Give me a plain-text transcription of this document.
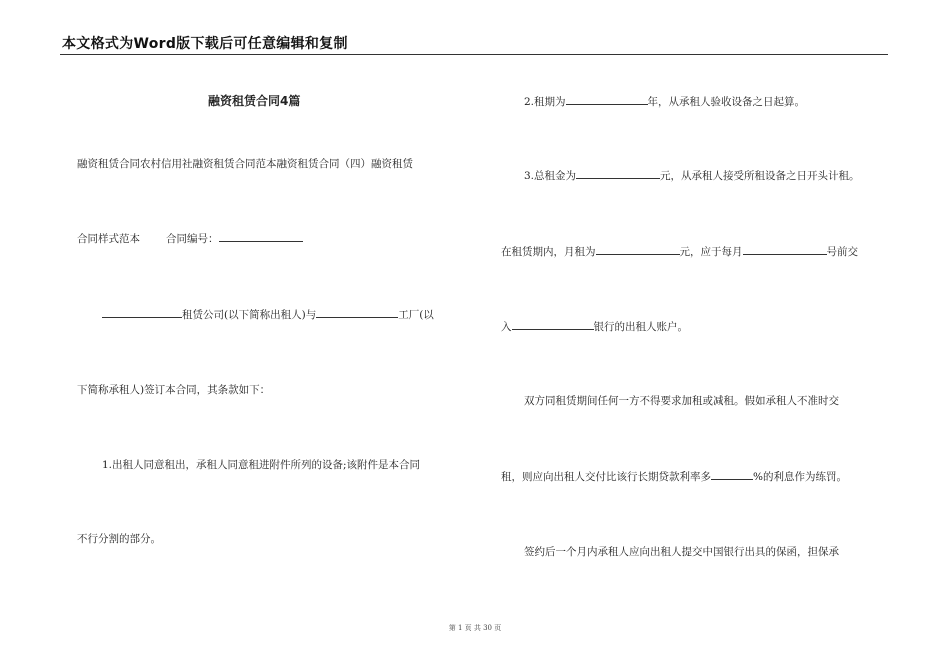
本文格式为Word版下载后可任意编辑和复制
融资租赁合同4篇
融资租赁合同农村信用社融资租赁合同范本融资租赁合同（四）融资租赁
合同样式范本 合同编号：
租赁公司(以下简称出租人)与	工厂(以
下简称承租人)签订本合同，其条款如下：
1.出租人同意租出，承租人同意租进附件所列的设备;该附件是本合同
不行分割的部分。
2.租期为	年，从承租人验收设备之日起算。
3.总租金为	元，从承租人接受所租设备之日开头计租。
在租赁期内，月租为	元，应于每月	号前交
入	银行的出租人账户。
双方同租赁期间任何一方不得要求加租或减租。假如承租人不准时交
租，则应向出租人交付比该行长期贷款利率多	%的利息作为练罚。
签约后一个月内承租人应向出租人提交中国银行出具的保函，担保承
第 1 页 共 30 页
